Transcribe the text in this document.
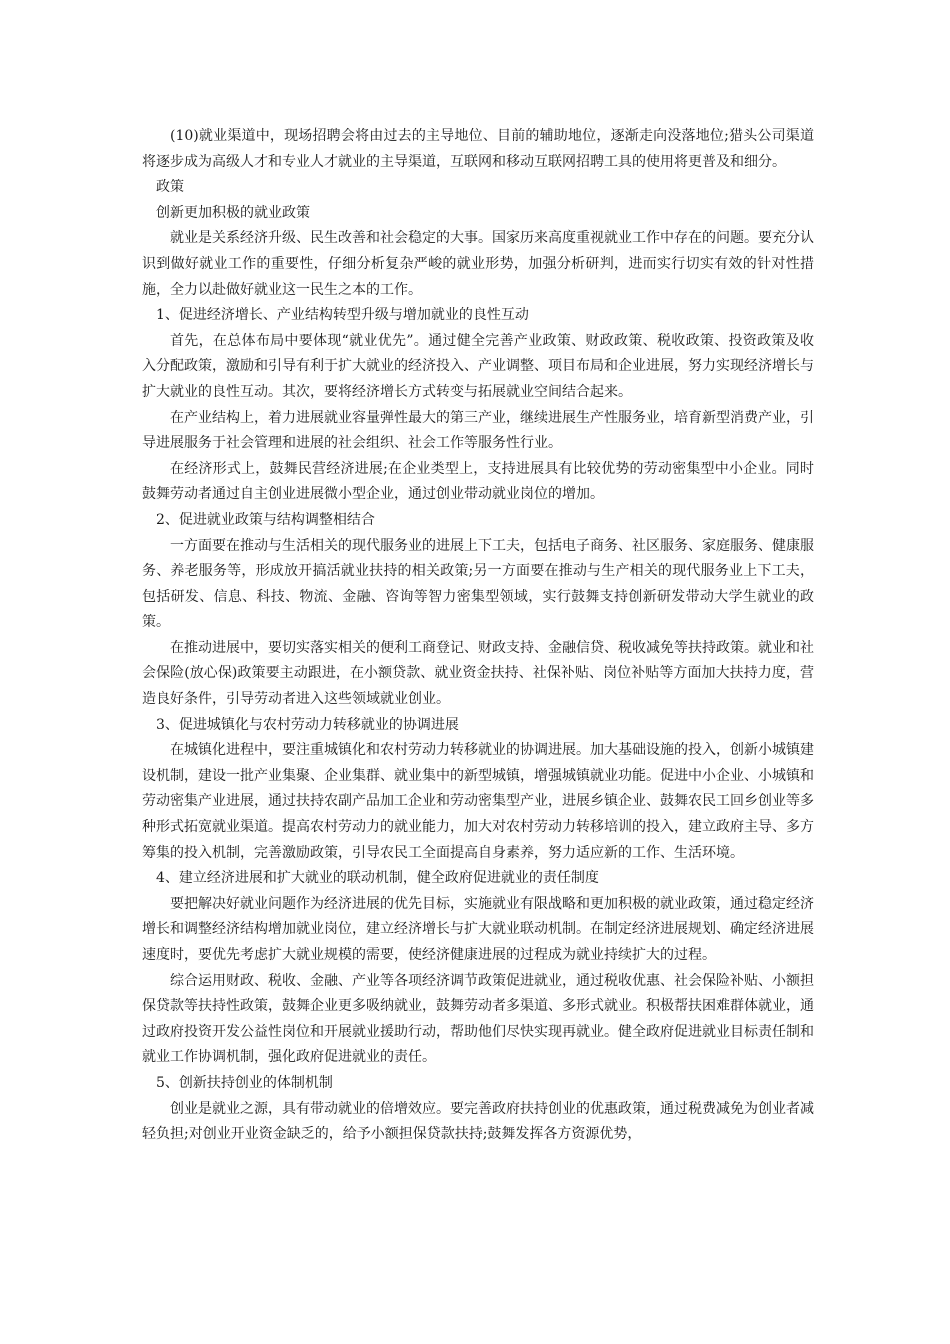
(10)就业渠道中，现场招聘会将由过去的主导地位、目前的辅助地位，逐渐走向没落地位;猎头公司渠道将逐步成为高级人才和专业人才就业的主导渠道，互联网和移动互联网招聘工具的使用将更普及和细分。

政策

创新更加积极的就业政策

就业是关系经济升级、民生改善和社会稳定的大事。国家历来高度重视就业工作中存在的问题。要充分认识到做好就业工作的重要性，仔细分析复杂严峻的就业形势，加强分析研判，进而实行切实有效的针对性措施，全力以赴做好就业这一民生之本的工作。

1、促进经济增长、产业结构转型升级与增加就业的良性互动

首先，在总体布局中要体现“就业优先”。通过健全完善产业政策、财政政策、税收政策、投资政策及收入分配政策，激励和引导有利于扩大就业的经济投入、产业调整、项目布局和企业进展，努力实现经济增长与扩大就业的良性互动。其次，要将经济增长方式转变与拓展就业空间结合起来。

在产业结构上，着力进展就业容量弹性最大的第三产业，继续进展生产性服务业，培育新型消费产业，引导进展服务于社会管理和进展的社会组织、社会工作等服务性行业。

在经济形式上，鼓舞民营经济进展;在企业类型上，支持进展具有比较优势的劳动密集型中小企业。同时鼓舞劳动者通过自主创业进展微小型企业，通过创业带动就业岗位的增加。

2、促进就业政策与结构调整相结合

一方面要在推动与生活相关的现代服务业的进展上下工夫，包括电子商务、社区服务、家庭服务、健康服务、养老服务等，形成放开搞活就业扶持的相关政策;另一方面要在推动与生产相关的现代服务业上下工夫，包括研发、信息、科技、物流、金融、咨询等智力密集型领域，实行鼓舞支持创新研发带动大学生就业的政策。

在推动进展中，要切实落实相关的便利工商登记、财政支持、金融信贷、税收减免等扶持政策。就业和社会保险(放心保)政策要主动跟进，在小额贷款、就业资金扶持、社保补贴、岗位补贴等方面加大扶持力度，营造良好条件，引导劳动者进入这些领域就业创业。

3、促进城镇化与农村劳动力转移就业的协调进展

在城镇化进程中，要注重城镇化和农村劳动力转移就业的协调进展。加大基础设施的投入，创新小城镇建设机制，建设一批产业集聚、企业集群、就业集中的新型城镇，增强城镇就业功能。促进中小企业、小城镇和劳动密集产业进展，通过扶持农副产品加工企业和劳动密集型产业，进展乡镇企业、鼓舞农民工回乡创业等多种形式拓宽就业渠道。提高农村劳动力的就业能力，加大对农村劳动力转移培训的投入，建立政府主导、多方筹集的投入机制，完善激励政策，引导农民工全面提高自身素养，努力适应新的工作、生活环境。

4、建立经济进展和扩大就业的联动机制，健全政府促进就业的责任制度

要把解决好就业问题作为经济进展的优先目标，实施就业有限战略和更加积极的就业政策，通过稳定经济增长和调整经济结构增加就业岗位，建立经济增长与扩大就业联动机制。在制定经济进展规划、确定经济进展速度时，要优先考虑扩大就业规模的需要，使经济健康进展的过程成为就业持续扩大的过程。

综合运用财政、税收、金融、产业等各项经济调节政策促进就业，通过税收优惠、社会保险补贴、小额担保贷款等扶持性政策，鼓舞企业更多吸纳就业，鼓舞劳动者多渠道、多形式就业。积极帮扶困难群体就业，通过政府投资开发公益性岗位和开展就业援助行动，帮助他们尽快实现再就业。健全政府促进就业目标责任制和就业工作协调机制，强化政府促进就业的责任。

5、创新扶持创业的体制机制

创业是就业之源，具有带动就业的倍增效应。要完善政府扶持创业的优惠政策，通过税费减免为创业者减轻负担;对创业开业资金缺乏的，给予小额担保贷款扶持;鼓舞发挥各方资源优势，
